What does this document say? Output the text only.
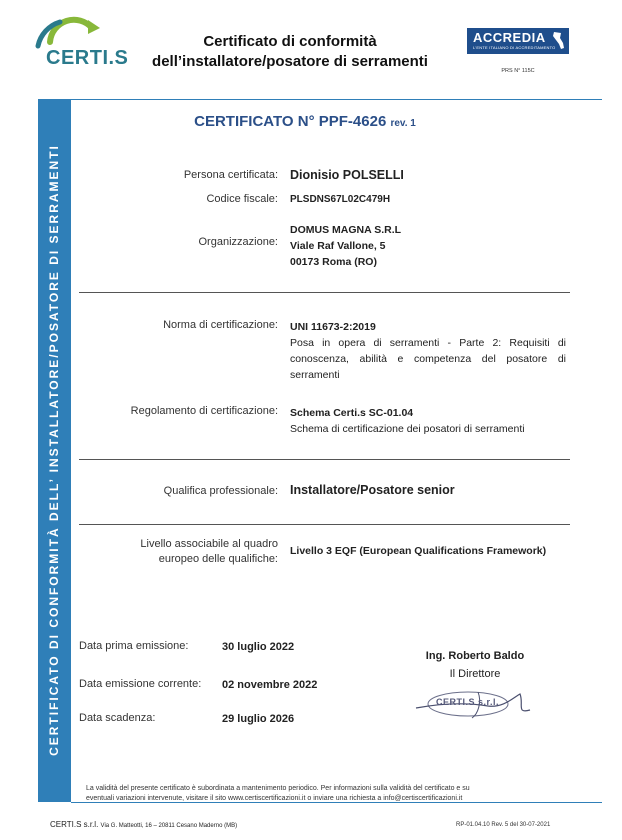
CERTI.S
Certificato di conformità
dell’installatore/posatore di serramenti
ACCREDIA
L'ENTE ITALIANO DI ACCREDITAMENTO
PRS N° 115C
CERTIFICATO DI CONFORMITÀ DELL’ INSTALLATORE/POSATORE DI SERRAMENTI
CERTIFICATO N° PPF-4626 rev. 1
Persona certificata: Dionisio POLSELLI
Codice fiscale: PLSDNS67L02C479H
Organizzazione:
DOMUS MAGNA S.R.L
Viale Raf Vallone, 5
00173 Roma (RO)
Norma di certificazione: UNI 11673-2:2019
Posa in opera di serramenti - Parte 2: Requisiti di
conoscenza, abilità e competenza del posatore di
serramenti
Regolamento di certificazione: Schema Certi.s SC-01.04
Schema di certificazione dei posatori di serramenti
Qualifica professionale: Installatore/Posatore senior
Livello associabile al quadro
europeo delle qualifiche:
Livello 3 EQF (European Qualifications Framework)
Data prima emissione:	30 luglio 2022
Data emissione corrente: 02 novembre 2022
Data scadenza:	29 luglio 2026
Ing. Roberto Baldo
Il Direttore
CERTI.S s.r.l.
La validità del presente certificato è subordinata a mantenimento periodico. Per informazioni sulla validità del certificato e su
eventuali variazioni intervenute, visitare il sito www.certiscertificazioni.it o inviare una richiesta a info@certiscertificazioni.it
CERTI.S s.r.l. Via G. Matteotti, 16 – 20811 Cesano Maderno (MB)	RP-01.04.10 Rev. 5 del 30-07-2021
